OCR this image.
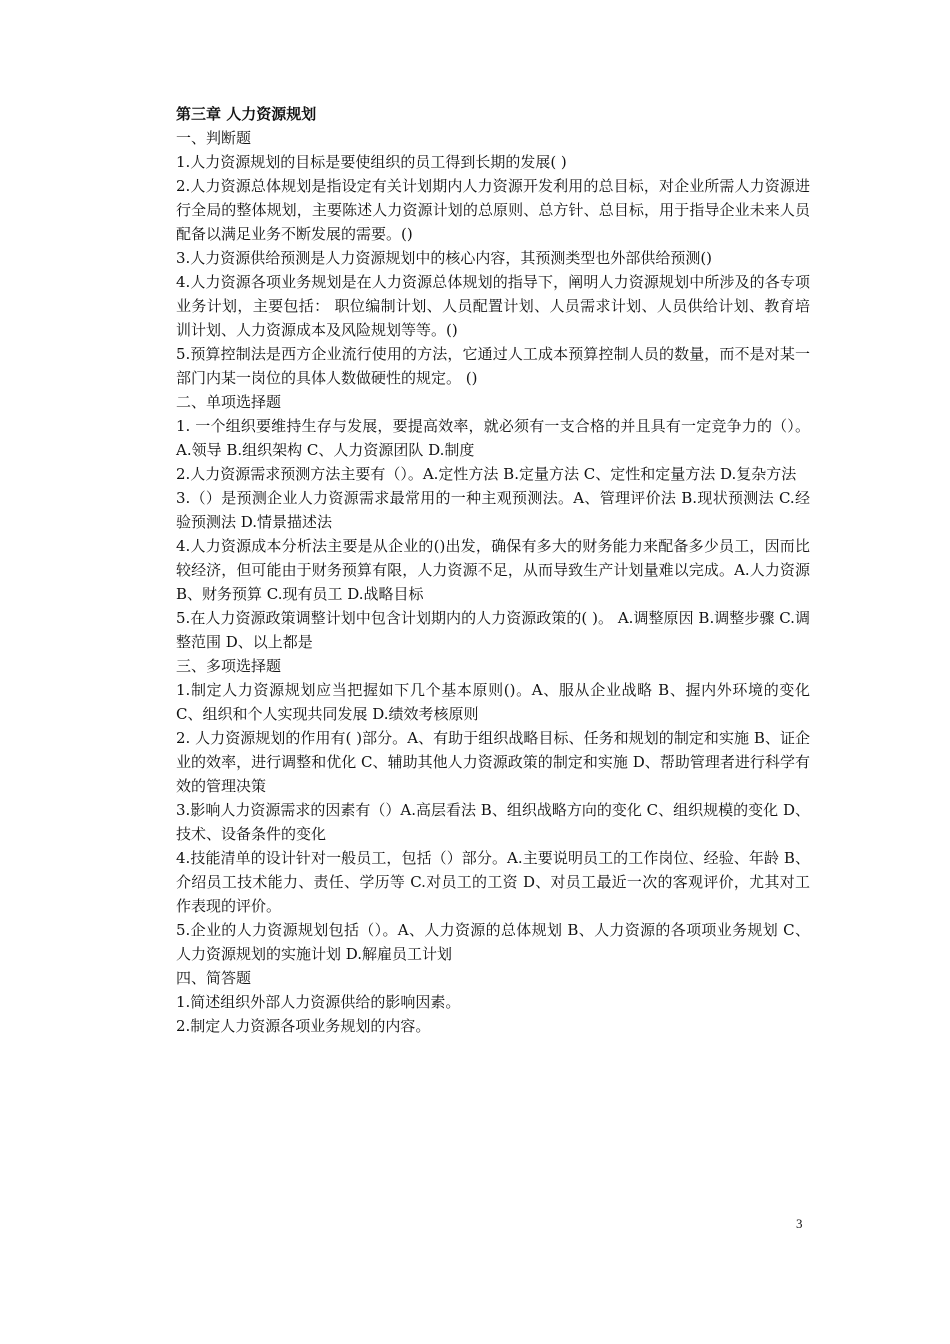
第三章 人力资源规划

一、判断题

1.人力资源规划的目标是要使组织的员工得到长期的发展( )

2.人力资源总体规划是指设定有关计划期内人力资源开发利用的总目标，对企业所需人力资源进行全局的整体规划，主要陈述人力资源计划的总原则、总方针、总目标，用于指导企业未来人员配备以满足业务不断发展的需要。()

3.人力资源供给预测是人力资源规划中的核心内容，其预测类型也外部供给预测()

4.人力资源各项业务规划是在人力资源总体规划的指导下，阐明人力资源规划中所涉及的各专项业务计划，主要包括： 职位编制计划、人员配置计划、人员需求计划、人员供给计划、教育培训计划、人力资源成本及风险规划等等。()

5.预算控制法是西方企业流行使用的方法，它通过人工成本预算控制人员的数量，而不是对某一部门内某一岗位的具体人数做硬性的规定。 ()

二、单项选择题

1. 一个组织要维持生存与发展，要提高效率，就必须有一支合格的并且具有一定竞争力的（）。A.领导 B.组织架构 C、人力资源团队 D.制度

2.人力资源需求预测方法主要有（）。A.定性方法 B.定量方法 C、定性和定量方法 D.复杂方法

3.（）是预测企业人力资源需求最常用的一种主观预测法。A、管理评价法 B.现状预测法 C.经验预测法 D.情景描述法

4.人力资源成本分析法主要是从企业的()出发，确保有多大的财务能力来配备多少员工，因而比较经济，但可能由于财务预算有限，人力资源不足，从而导致生产计划量难以完成。A.人力资源 B、财务预算 C.现有员工 D.战略目标

5.在人力资源政策调整计划中包含计划期内的人力资源政策的( )。 A.调整原因 B.调整步骤 C.调整范围 D、以上都是

三、多项选择题

1.制定人力资源规划应当把握如下几个基本原则()。A、服从企业战略 B、握内外环境的变化 C、组织和个人实现共同发展 D.绩效考核原则

2. 人力资源规划的作用有( )部分。A、有助于组织战略目标、任务和规划的制定和实施 B、证企业的效率，进行调整和优化 C、辅助其他人力资源政策的制定和实施 D、帮助管理者进行科学有效的管理决策

3.影响人力资源需求的因素有（）A.高层看法 B、组织战略方向的变化 C、组织规模的变化 D、技术、设备条件的变化

4.技能清单的设计针对一般员工，包括（）部分。A.主要说明员工的工作岗位、经验、年龄 B、介绍员工技术能力、责任、学历等 C.对员工的工资 D、对员工最近一次的客观评价，尤其对工作表现的评价。

5.企业的人力资源规划包括（）。A、人力资源的总体规划 B、人力资源的各项项业务规划 C、人力资源规划的实施计划 D.解雇员工计划

四、简答题

1.简述组织外部人力资源供给的影响因素。

2.制定人力资源各项业务规划的内容。

3
